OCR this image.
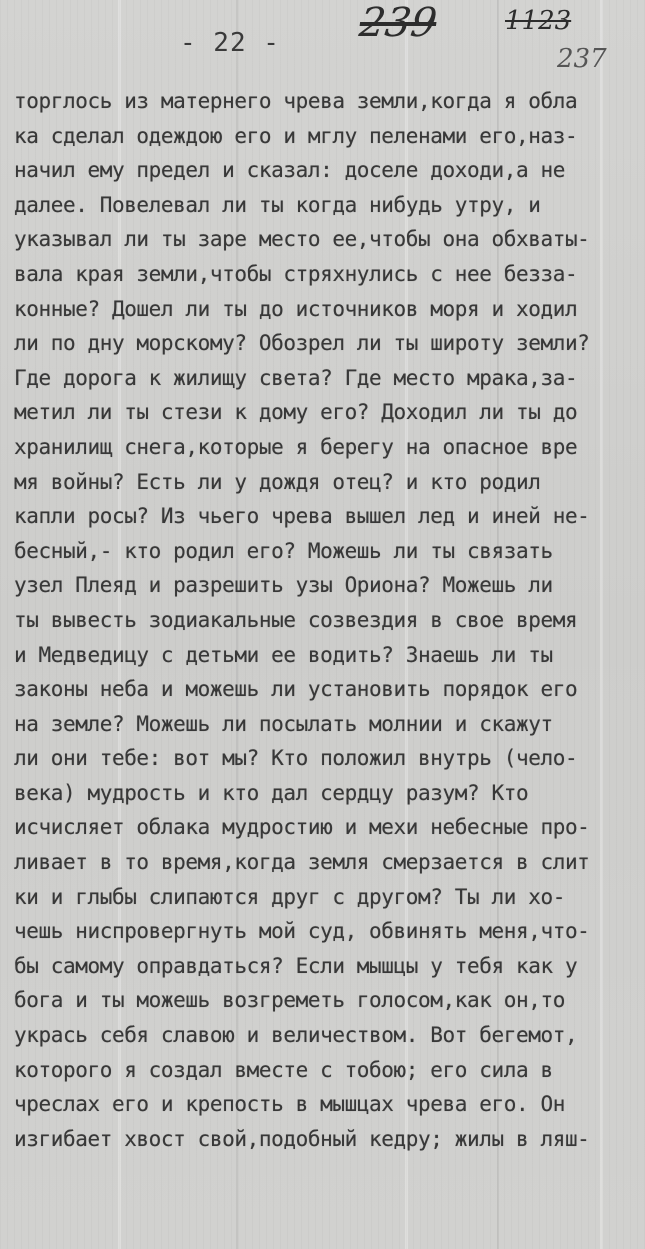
- 22 - 239	1123
237
торглось из матернего чрева земли,когда я обла
ка сделал одеждою его и мглу пеленами его,наз-
начил ему предел и сказал: доселе доходи,а не
далее. Повелевал ли ты когда нибудь утру, и
указывал ли ты заре место ее,чтобы она обхваты-
вала края земли,чтобы стряхнулись с нее безза-
конные? Дошел ли ты до источников моря и ходил
ли по дну морскому? Обозрел ли ты широту земли?
Где дорога к жилищу света? Где место мрака,за-
метил ли ты стези к дому его? Доходил ли ты до
хранилищ снега,которые я берегу на опасное вре
мя войны? Есть ли у дождя отец? и кто родил
капли росы? Из чьего чрева вышел лед и иней не-
бесный,- кто родил его? Можешь ли ты связать
узел Плеяд и разрешить узы Ориона? Можешь ли
ты вывесть зодиакальные созвездия в свое время
и Медведицу с детьми ее водить? Знаешь ли ты
законы неба и можешь ли установить порядок его
на земле? Можешь ли посылать молнии и скажут
ли они тебе: вот мы? Кто положил внутрь (чело-
века) мудрость и кто дал сердцу разум? Кто
исчисляет облака мудростию и мехи небесные про-
ливает в то время,когда земля смерзается в слит
ки и глыбы слипаются друг с другом? Ты ли хо-
чешь ниспровергнуть мой суд, обвинять меня,что-
бы самому оправдаться? Если мышцы у тебя как у
бога и ты можешь возгреметь голосом,как он,то
укрась себя славою и величеством. Вот бегемот,
которого я создал вместе с тобою; его сила в
чреслах его и крепость в мышцах чрева его. Он
изгибает хвост свой,подобный кедру; жилы в ляш-
